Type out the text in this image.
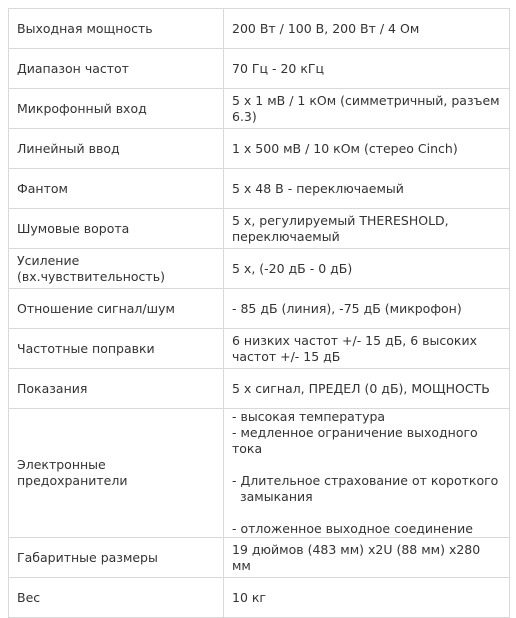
Выходная мощность	200 Вт / 100 В, 200 Вт / 4 Ом
Диапазон частот	70 Гц - 20 кГц
Микрофонный вход	5 x 1 мВ / 1 кОм (симметричный, разъем 6.3)
Линейный ввод	1 x 500 мВ / 10 кОм (стерео Cinch)
Фантом	5 x 48 В - переключаемый
Шумовые ворота	5 x, регулируемый THERESHOLD, переключаемый
Усиление (вх.чувствительность)	5 x, (-20 дБ - 0 дБ)
Отношение сигнал/шум	- 85 дБ (линия), -75 дБ (микрофон)
Частотные поправки	6 низких частот +/- 15 дБ, 6 высоких частот +/- 15 дБ
Показания	5 x сигнал, ПРЕДЕЛ (0 дБ), МОЩНОСТЬ
Электронные предохранители	- высокая температура
- медленное ограничение выходного тока
- Длительное страхование от короткого
замыкания
- отложенное выходное соединение

Габаритные размеры	19 дюймов (483 мм) x2U (88 мм) x280 мм
Вес	10 кг
